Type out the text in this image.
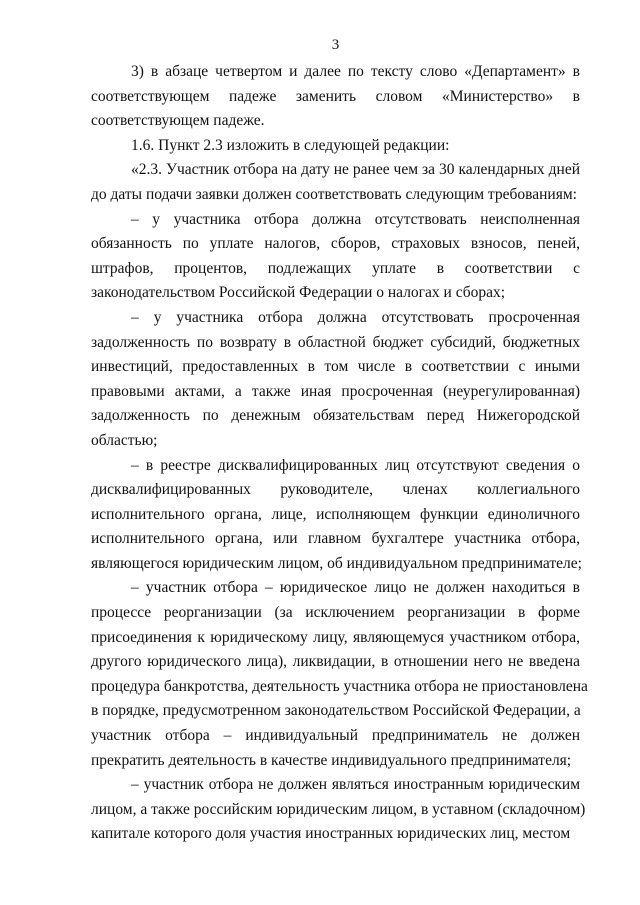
3
3) в абзаце четвертом и далее по тексту слово «Департамент» в
соответствующем падеже заменить словом «Министерство» в
соответствующем падеже.
1.6. Пункт 2.3 изложить в следующей редакции:
«2.3. Участник отбора на дату не ранее чем за 30 календарных дней
до даты подачи заявки должен соответствовать следующим требованиям:
– у участника отбора должна отсутствовать неисполненная
обязанность по уплате налогов, сборов, страховых взносов, пеней,
штрафов, процентов, подлежащих уплате в соответствии с
законодательством Российской Федерации о налогах и сборах;
– у участника отбора должна отсутствовать просроченная
задолженность по возврату в областной бюджет субсидий, бюджетных
инвестиций, предоставленных в том числе в соответствии с иными
правовыми актами, а также иная просроченная (неурегулированная)
задолженность по денежным обязательствам перед Нижегородской
областью;
– в реестре дисквалифицированных лиц отсутствуют сведения о
дисквалифицированных руководителе, членах коллегиального
исполнительного органа, лице, исполняющем функции единоличного
исполнительного органа, или главном бухгалтере участника отбора,
являющегося юридическим лицом, об индивидуальном предпринимателе;
– участник отбора – юридическое лицо не должен находиться в
процессе реорганизации (за исключением реорганизации в форме
присоединения к юридическому лицу, являющемуся участником отбора,
другого юридического лица), ликвидации, в отношении него не введена
процедура банкротства, деятельность участника отбора не приостановлена
в порядке, предусмотренном законодательством Российской Федерации, а
участник отбора – индивидуальный предприниматель не должен
прекратить деятельность в качестве индивидуального предпринимателя;
– участник отбора не должен являться иностранным юридическим
лицом, а также российским юридическим лицом, в уставном (складочном)
капитале которого доля участия иностранных юридических лиц, местом
